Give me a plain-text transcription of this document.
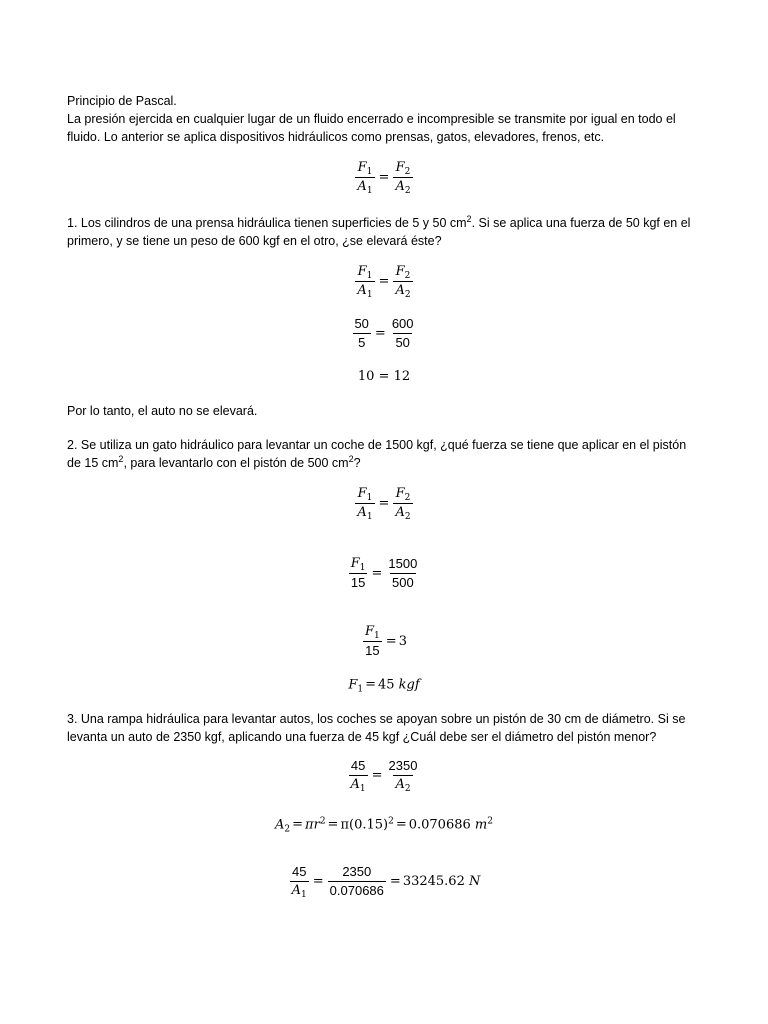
Principio de Pascal.

La presión ejercida en cualquier lugar de un fluido encerrado e incompresible se transmite por igual en todo el fluido. Lo anterior se aplica dispositivos hidráulicos como prensas, gatos, elevadores, frenos, etc.

$\frac{F_1}{A_1} = \frac{F_2}{A_2}$

1. Los cilindros de una prensa hidráulica tienen superficies de 5 y 50 $cm^2$. Si se aplica una fuerza de 50 kgf en el primero, y se tiene un peso de 600 kgf en el otro, ¿se elevará éste?

$\frac{F_1}{A_1} = \frac{F_2}{A_2}$
$\frac{50}{5} = \frac{600}{50}$
10 = 12

Por lo tanto, el auto no se elevará.

2. Se utiliza un gato hidráulico para levantar un coche de 1500 kgf, ¿qué fuerza se tiene que aplicar en el pistón de 15 $cm^2$, para levantarlo con el pistón de 500 $cm^2$?

$\frac{F_1}{A_1} = \frac{F_2}{A_2}$
$\frac{F_1}{15} = \frac{1500}{500}$
$\frac{F_1}{15} = 3$
$F_1 = 45$ kgf

3. Una rampa hidráulica para levantar autos, los coches se apoyan sobre un pistón de 30 cm de diámetro. Si se levanta un auto de 2350 kgf, aplicando una fuerza de 45 kgf ¿Cuál debe ser el diámetro del pistón menor?

$\frac{45}{A_1} = \frac{2350}{A_2}$
$A_2 = \pi r^2 = \pi(0.15)^2 = 0.070686$ $m^2$
$\frac{45}{A_1} = \frac{2350}{0.070686} = 33245.62$ N
